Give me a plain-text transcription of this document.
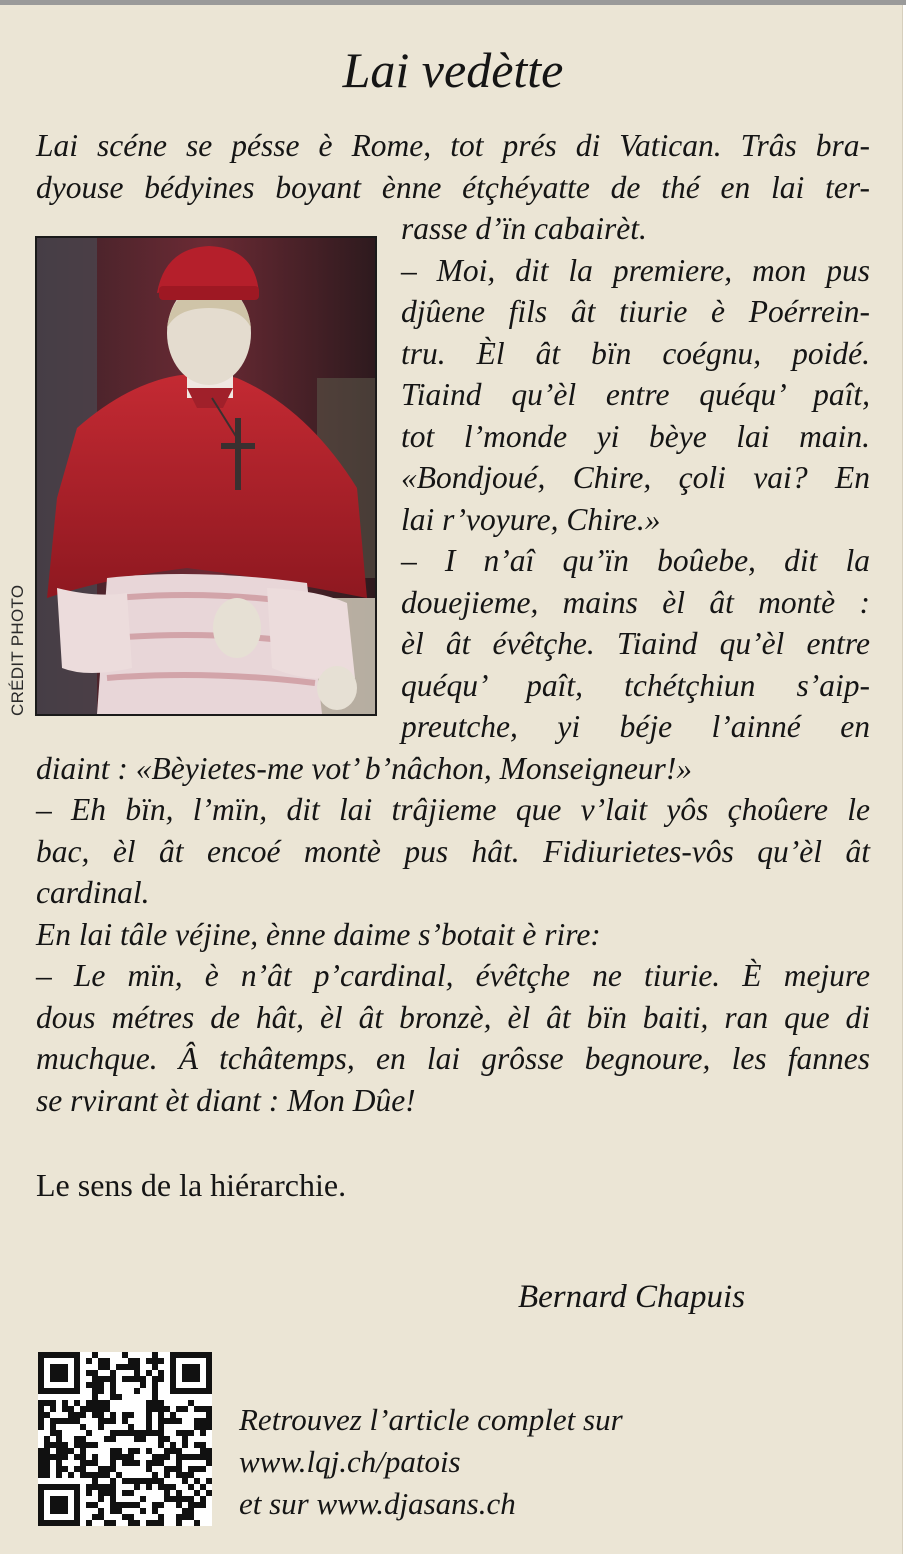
Lai vedètte
CRÉDIT PHOTO
Lai scéne se pésse è Rome, tot prés di Vatican. Trâs bra-
dyouse bédyines boyant ènne étçhéyatte de thé en lai ter-
rasse d’ïn cabairèt.
– Moi, dit la premiere, mon pus
djûene fils ât tiurie è Poérrein-
tru. Èl ât bïn coégnu, poidé.
Tiaind qu’èl entre quéqu’ paît,
tot l’monde yi bèye lai main.
«Bondjoué, Chire, çoli vai? En
lai r’voyure, Chire.»
– I n’aî qu’ïn boûebe, dit la
douejieme, mains èl ât montè :
èl ât évêtçhe. Tiaind qu’èl entre
quéqu’ paît, tchétçhiun s’aip-
preutche, yi béje l’ainné en
diaint : «Bèyietes-me vot’ b’nâchon, Monseigneur!»
– Eh bïn, l’mïn, dit lai trâjieme que v’lait yôs çhoûere le
bac, èl ât encoé montè pus hât. Fidiurietes-vôs qu’èl ât
cardinal.
En lai tâle véjine, ènne daime s’botait è rire:
– Le mïn, è n’ât p’cardinal, évêtçhe ne tiurie. È mejure
dous métres de hât, èl ât bronzè, èl ât bïn baiti, ran que di
muchque. Â tchâtemps, en lai grôsse begnoure, les fannes
se rvirant èt diant : Mon Dûe!
Le sens de la hiérarchie.
Bernard Chapuis
Retrouvez l’article complet sur
www.lqj.ch/patois
et sur www.djasans.ch
